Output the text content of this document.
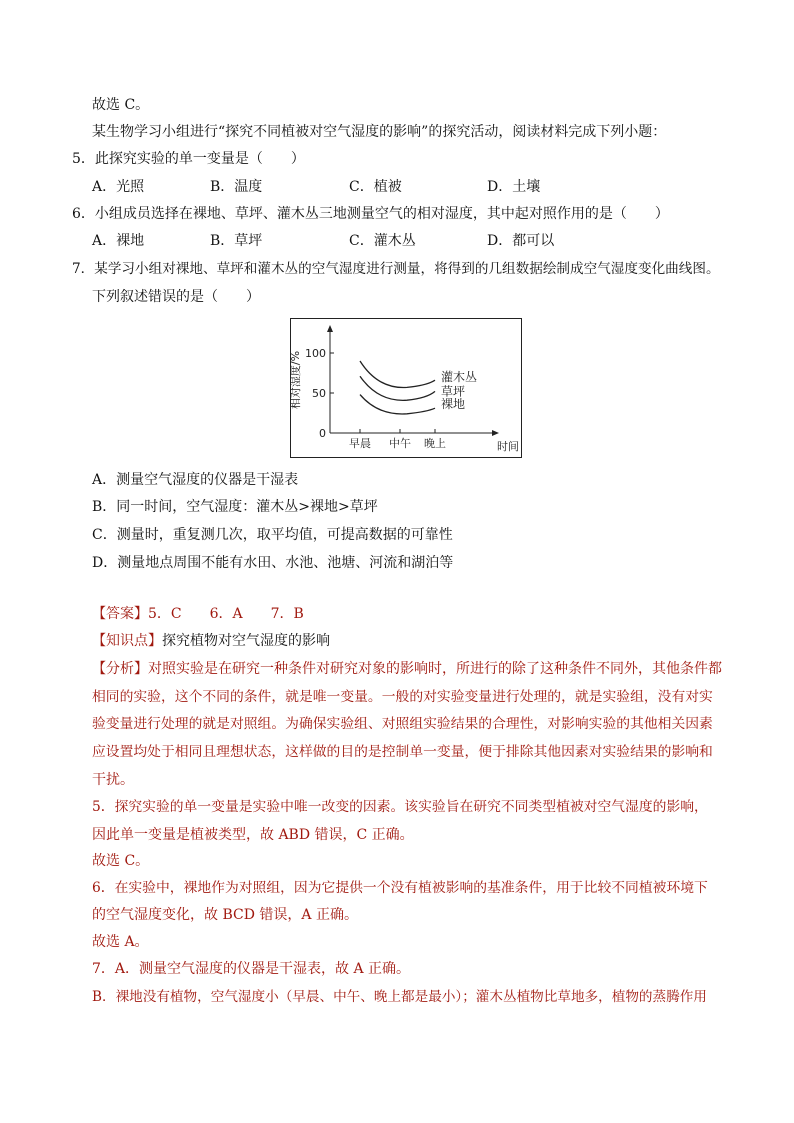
故选 C。
某生物学习小组进行“探究不同植被对空气湿度的影响”的探究活动，阅读材料完成下列小题：
5．此探究实验的单一变量是（　　）
A．光照	B．温度	C．植被	D．土壤
6．小组成员选择在裸地、草坪、灌木丛三地测量空气的相对湿度，其中起对照作用的是（　　）
A．裸地	B．草坪	C．灌木丛	D．都可以
7．某学习小组对裸地、草坪和灌木丛的空气湿度进行测量，将得到的几组数据绘制成空气湿度变化曲线图。
下列叙述错误的是（　　）
100
50
0
早晨 中午 晚上
灌木丛
草坪
裸地
相对湿度/%
时间
A．测量空气湿度的仪器是干湿表
B．同一时间，空气湿度：灌木丛>裸地>草坪
C．测量时，重复测几次，取平均值，可提高数据的可靠性
D．测量地点周围不能有水田、水池、池塘、河流和湖泊等
【答案】5．C　　6．A　　7．B
【知识点】探究植物对空气湿度的影响
【分析】对照实验是在研究一种条件对研究对象的影响时，所进行的除了这种条件不同外，其他条件都
相同的实验，这个不同的条件，就是唯一变量。一般的对实验变量进行处理的，就是实验组，没有对实
验变量进行处理的就是对照组。为确保实验组、对照组实验结果的合理性，对影响实验的其他相关因素
应设置均处于相同且理想状态，这样做的目的是控制单一变量，便于排除其他因素对实验结果的影响和
干扰。
5．探究实验的单一变量是实验中唯一改变的因素。该实验旨在研究不同类型植被对空气湿度的影响，
因此单一变量是植被类型，故 ABD 错误，C 正确。
故选 C。
6．在实验中，裸地作为对照组，因为它提供一个没有植被影响的基准条件，用于比较不同植被环境下
的空气湿度变化，故 BCD 错误，A 正确。
故选 A。
7．A．测量空气湿度的仪器是干湿表，故 A 正确。
B．裸地没有植物，空气湿度小（早晨、中午、晚上都是最小）；灌木丛植物比草地多，植物的蒸腾作用
